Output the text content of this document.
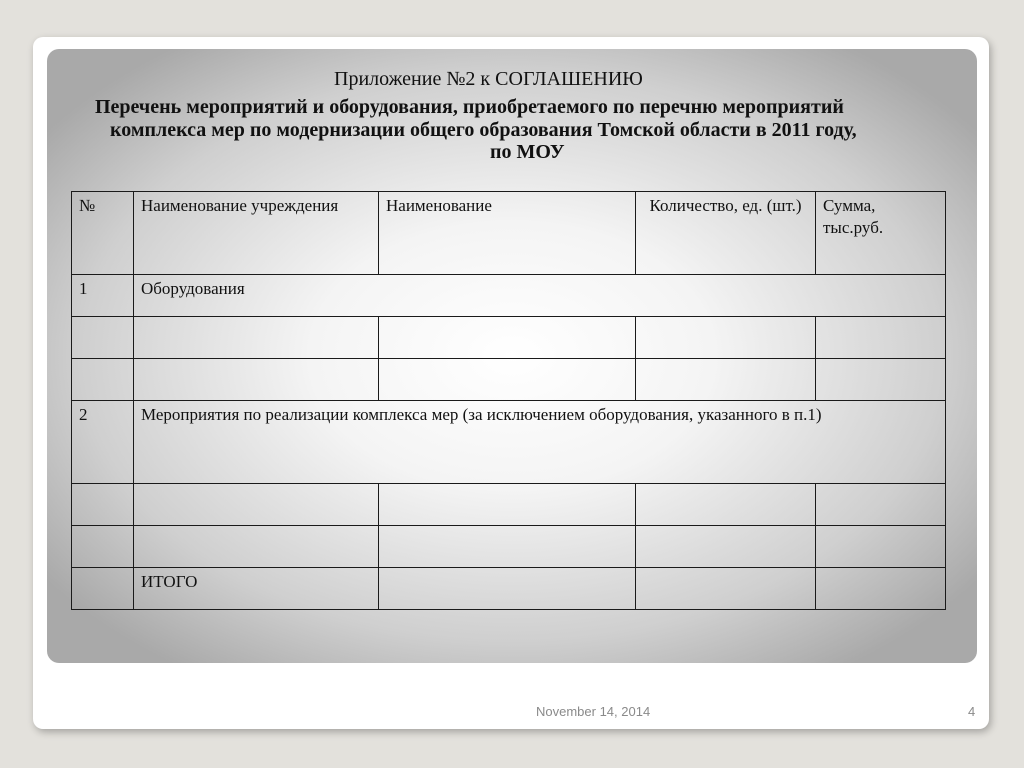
Приложение №2 к СОГЛАШЕНИЮ
Перечень мероприятий и оборудования, приобретаемого по перечню мероприятий
комплекса мер по модернизации общего образования Томской области в 2011 году,
по МОУ
№	Наименование учреждения	Наименование	Количество, ед. (шт.)	Сумма, тыс.руб.
1	Оборудования			

2	Мероприятия по реализации комплекса мер (за исключением оборудования, указанного в п.1)			

	ИТОГО			
November 14, 2014	4
